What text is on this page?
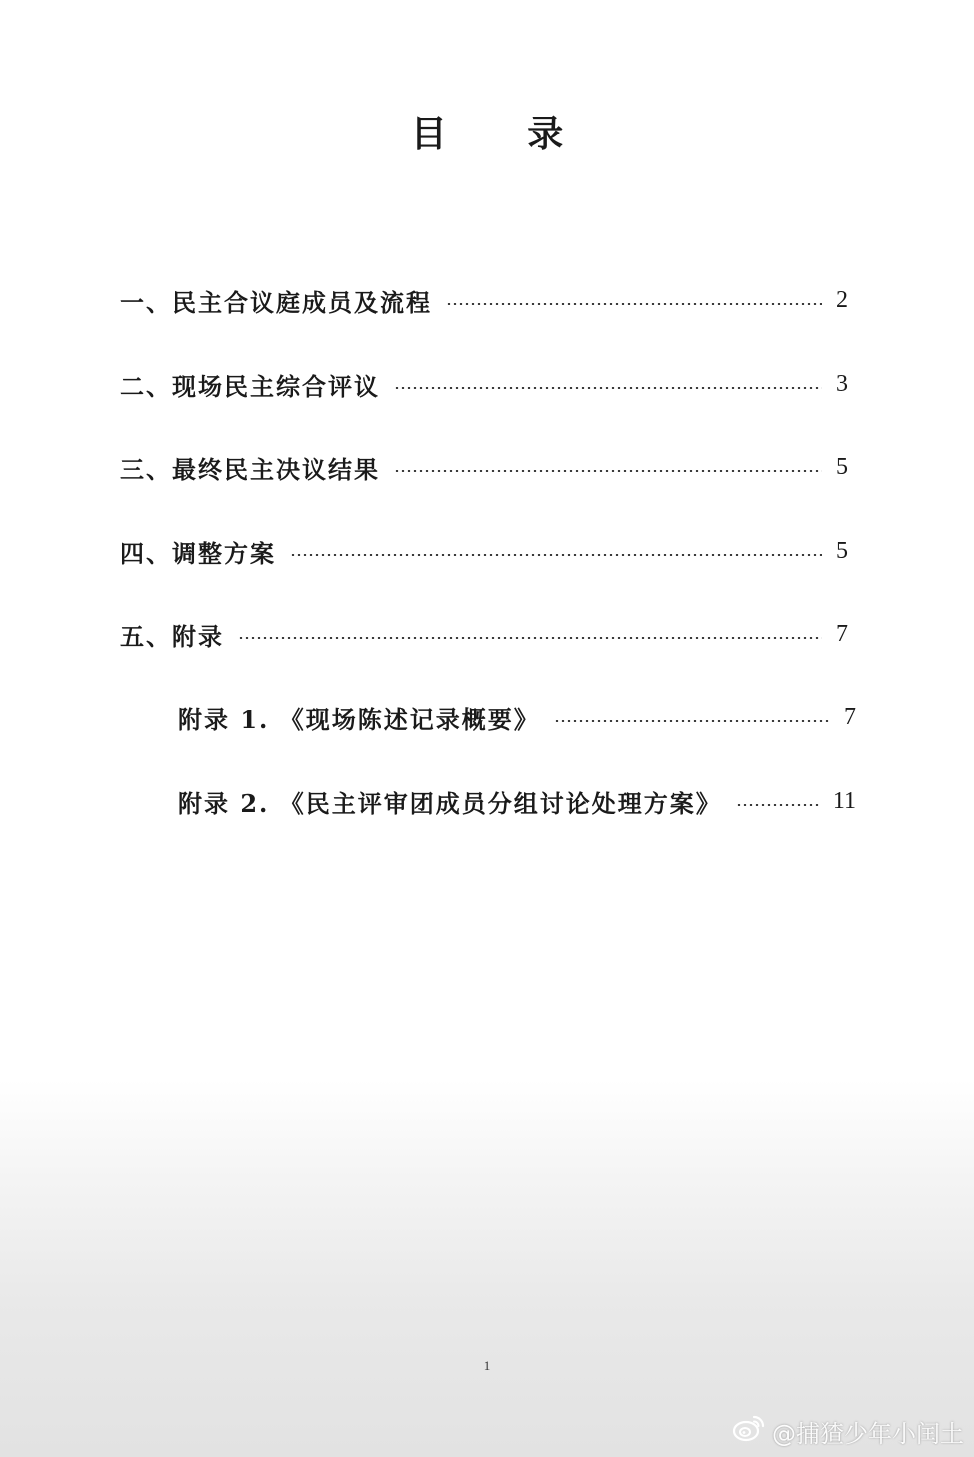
目 录
一、民主合议庭成员及流程	2
二、现场民主综合评议	3
三、最终民主决议结果	5
四、调整方案	5
五、附录	7
附录 1. 《现场陈述记录概要》	7
附录 2. 《民主评审团成员分组讨论处理方案》	11
1
@捕猹少年小闰土
